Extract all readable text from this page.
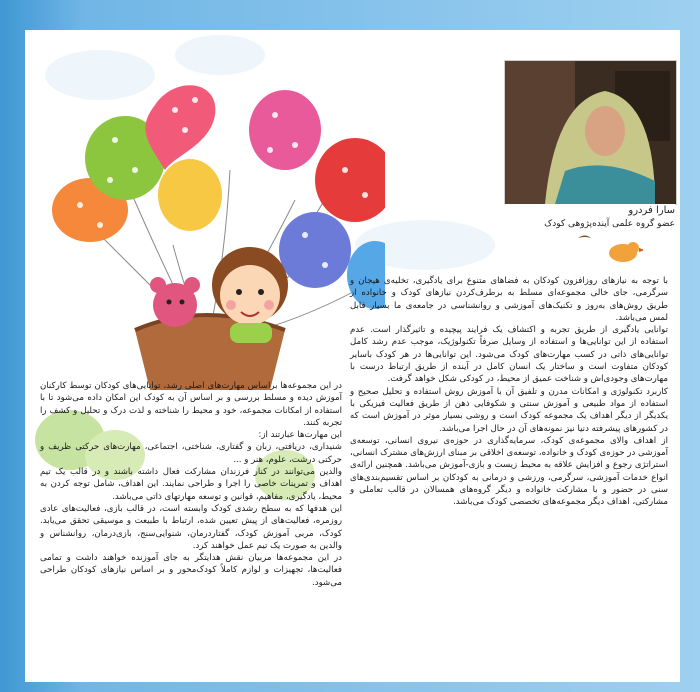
سارا فردرو
عضو گروه علمی آینده‌پژوهی کودک

با توجه به نیازهای روزافزون کودکان به فضاهای متنوع برای یادگیری، تخلیه‌ی هیجان و سرگرمی، جای خالی مجموعه‌ای مسلط به برطرف‌کردن نیازهای کودک و خانواده از طریق روش‌های به‌روز و تکنیک‌های آموزشی و روانشناسی در جامعه‌ی ما بسیار قابل لمس می‌باشد.

توانایی یادگیری از طریق تجربه و اکتشاف یک فرایند پیچیده و تاثیرگذار است. عدم استفاده از این توانایی‌ها و استفاده از وسایل صرفاً تکنولوژیک، موجب عدم رشد کامل توانایی‌های ذاتی در کسب مهارت‌های کودک می‌شود. این توانایی‌ها در هر کودک باسایر کودکان متفاوت است و ساختار یک انسان کامل در آینده از طریق ارتباط درست با مهارت‌های وجودی‌اش و شناخت عمیق از محیط، در کودکی شکل خواهد گرفت.

کاربرد تکنولوژی و امکانات مدرن و تلفیق آن با آموزش روش استفاده و تحلیل صحیح و استفاده از مواد طبیعی و آموزش سنتی و شکوفایی ذهن از طریق فعالیت فیزیکی با یکدیگر از دیگر اهداف یک مجموعه کودک است و روشی بسیار موثر در آموزش است که در کشورهای پیشرفته دنیا نیز نمونه‌های آن در حال اجرا می‌باشد.

از اهداف والای مجموعه‌ی کودک، سرمایه‌گذاری در حوزه‌ی نیروی انسانی، توسعه‌ی آموزشی در حوزه‌ی کودک و خانواده، توسعه‌ی اخلاقی بر مبنای ارزش‌های مشترک انسانی، استراتژی رجوع و افزایش علاقه به محیط زیست و بازی-آموزش می‌باشد. همچنین ارائه‌ی انواع خدمات آموزشی، سرگرمی، ورزشی و درمانی به کودکان بر اساس تقسیم‌بندی‌های سنی در حضور و با مشارکت خانواده و دیگر گروه‌های همسالان در قالب تعاملی و مشارکتی، اهداف دیگر مجموعه‌های تخصصی کودک می‌باشد.

در این مجموعه‌ها براساس مهارت‌های اصلی رشد، توانایی‌های کودکان توسط کارکنان آموزش دیده و مسلط بررسی و بر اساس آن به کودک این امکان داده می‌شود تا با استفاده از امکانات مجموعه، خود و محیط را شناخته و لذت درک و تحلیل و کشف را تجربه کنند.

این مهارت‌ها عبارتند از:

شنیداری، دریافتی، زبان و گفتاری، شناختی، اجتماعی، مهارت‌های حرکتی ظریف و حرکتی درشت، علوم، هنر و ...

والدین می‌توانند در کنار فرزندان مشارکت فعال داشته باشند و در قالب یک تیم اهداف و تمرینات خاصی را اجرا و طراحی نمایند. این اهداف، شامل توجه کردن به محیط، یادگیری، مفاهیم، قوانین و توسعه مهارتهای ذاتی می‌باشد.

این هدفها که به سطح رشدی کودک وابسته است، در قالب بازی، فعالیت‌های عادی روزمره، فعالیت‌های از پیش تعیین شده، ارتباط با طبیعت و موسیقی تحقق می‌یابد. کودک، مربی آموزش کودک، گفتاردرمان، شنوایی‌سنج، بازی‌درمان، روانشناس و والدین به صورت یک تیم عمل خواهند کرد.

در این مجموعه‌ها مربیان نقش هدایتگر به جای آموزنده خواهند داشت و تمامی فعالیت‌ها، تجهیزات و لوازم کاملاً کودک‌محور و بر اساس نیازهای کودکان طراحی می‌شود.
